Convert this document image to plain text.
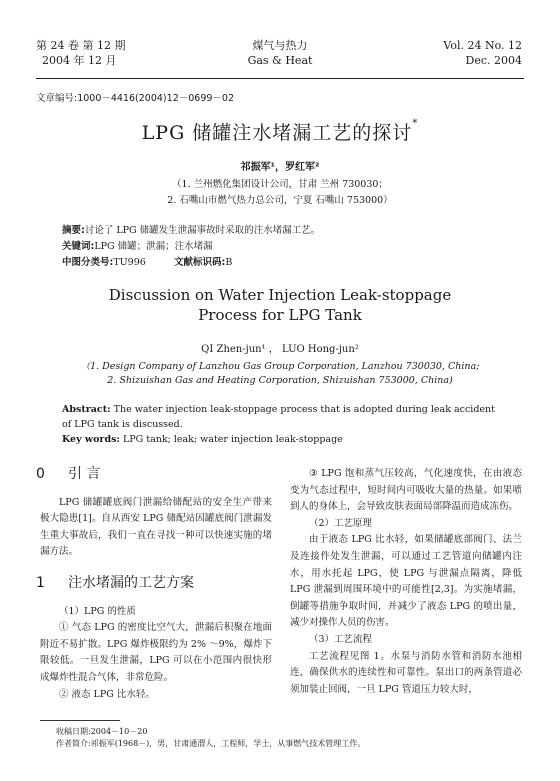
第 24 卷 第 12 期
2004 年 12 月
煤气与热力
Gas & Heat
Vol. 24 No. 12
Dec. 2004
文章编号:1000－4416(2004)12－0699－02
LPG 储罐注水堵漏工艺的探讨*
祁振军¹，罗红军²
（1. 兰州燃化集团设计公司，甘肃 兰州 730030；
2. 石嘴山市燃气热力总公司，宁夏 石嘴山 753000）
摘要:讨论了 LPG 储罐发生泄漏事故时采取的注水堵漏工艺。
关键词:LPG 储罐；泄漏；注水堵漏
中图分类号:TU996	文献标识码:B
Discussion on Water Injection Leak-stoppage
Process for LPG Tank
QI Zhen-jun¹ ， LUO Hong-jun²
（1. Design Company of Lanzhou Gas Group Corporation, Lanzhou 730030, China;
2. Shizuishan Gas and Heating Corporation, Shizuishan 753000, China)
Abstract: The water injection leak-stoppage process that is adopted during leak accident of LPG tank is discussed.
Key words: LPG tank; leak; water injection leak-stoppage
0 引 言

LPG 储罐罐底阀门泄漏给储配站的安全生产带来极大隐患[1]。自从西安 LPG 储配站因罐底阀门泄漏发生重大事故后，我们一直在寻找一种可以快速实施的堵漏方法。

1 注水堵漏的工艺方案

（1）LPG 的性质

① 气态 LPG 的密度比空气大，泄漏后积聚在地面附近不易扩散。LPG 爆炸极限约为 2% ～9%，爆炸下限较低。一旦发生泄漏，LPG 可以在小范围内很快形成爆炸性混合气体，非常危险。

② 液态 LPG 比水轻。

③ LPG 饱和蒸气压较高，气化速度快，在由液态变为气态过程中，短时间内可吸收大量的热量。如果喷到人的身体上，会导致皮肤表面局部降温而造成冻伤。

（2）工艺原理

由于液态 LPG 比水轻，如果储罐底部阀门、法兰及连接件处发生泄漏，可以通过工艺管道向储罐内注水，用水托起 LPG，使 LPG 与泄漏点隔离，降低 LPG 泄漏到周围环境中的可能性[2,3]。为实施堵漏，倒罐等措施争取时间，并减少了液态 LPG 的喷出量，减少对操作人员的伤害。

（3）工艺流程

工艺流程见图 1。水泵与消防水管和消防水池相连，确保供水的连续性和可靠性。泵出口的两条管道必须加装止回阀，一旦 LPG 管道压力较大时，

收稿日期:2004－10－20
作者简介:祁振军(1968－)，男，甘肃通渭人，工程师，学士，从事燃气技术管理工作。
